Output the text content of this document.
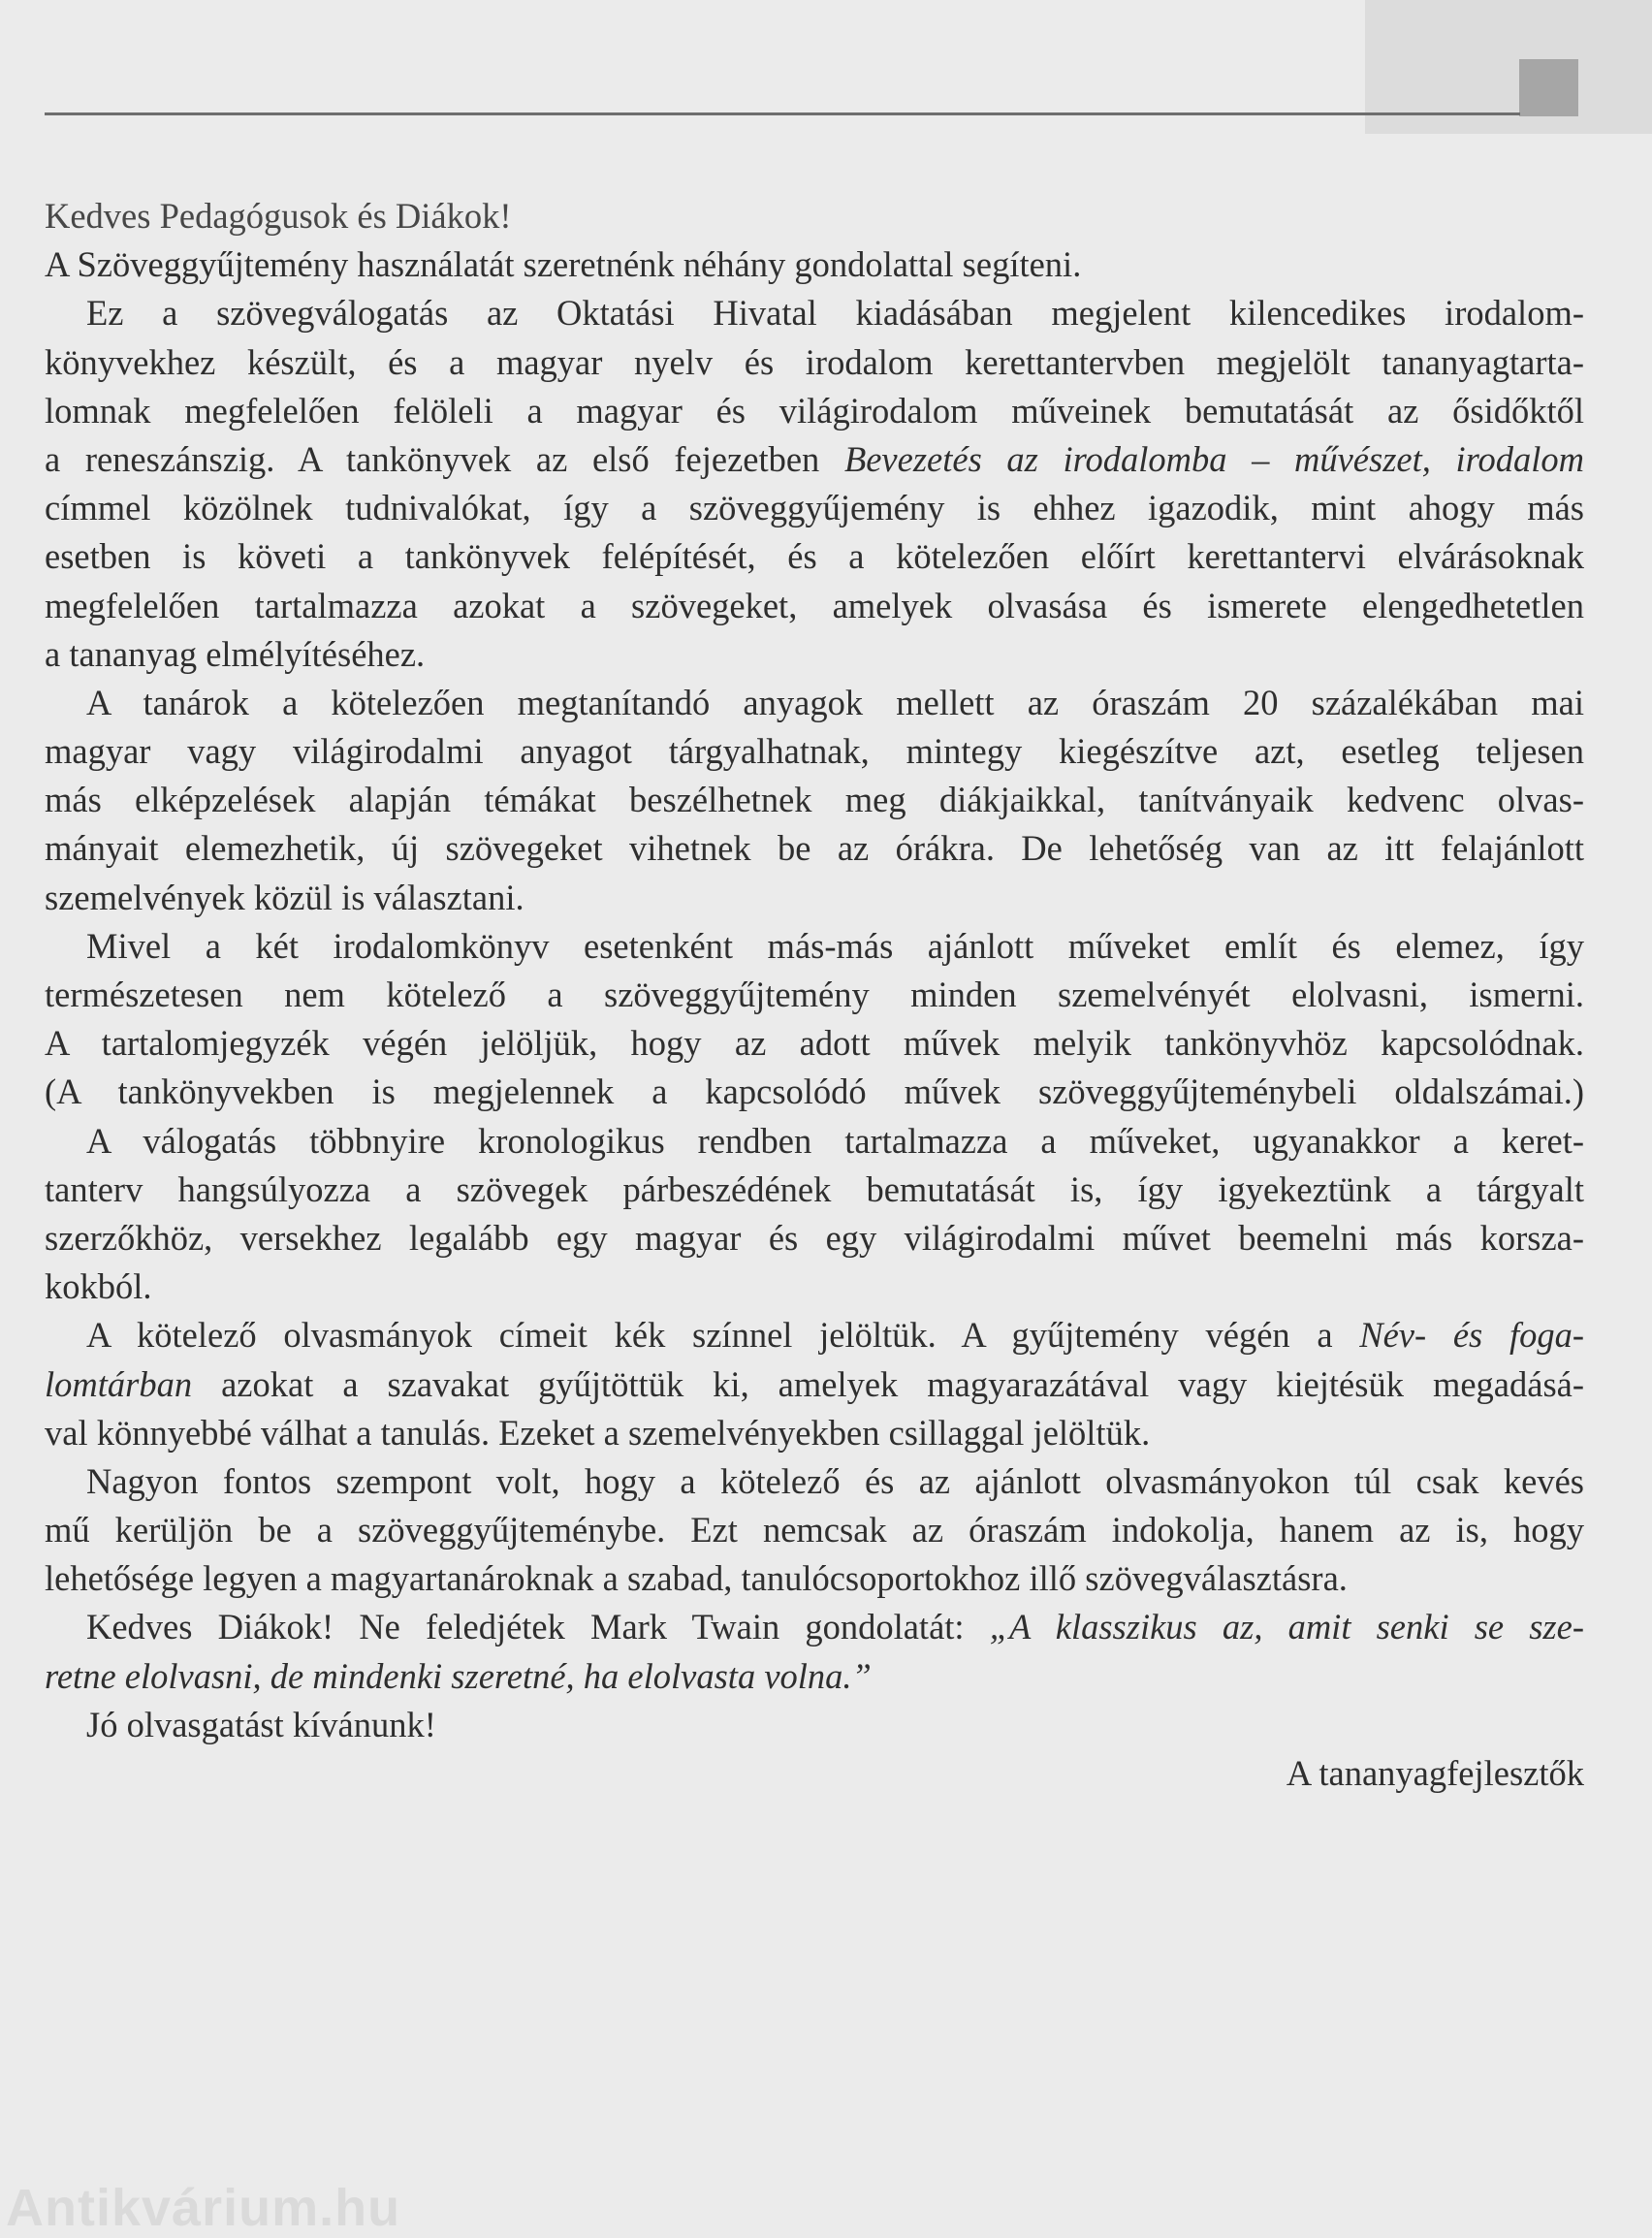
Kedves Pedagógusok és Diákok!
A Szöveggyűjtemény használatát szeretnénk néhány gondolattal segíteni.
Ez a szövegválogatás az Oktatási Hivatal kiadásában megjelent kilencedikes irodalom-
könyvekhez készült, és a magyar nyelv és irodalom kerettantervben megjelölt tananyagtarta-
lomnak megfelelően felöleli a magyar és világirodalom műveinek bemutatását az ősidőktől
a reneszánszig. A tankönyvek az első fejezetben Bevezetés az irodalomba – művészet, irodalom
címmel közölnek tudnivalókat, így a szöveggyűjemény is ehhez igazodik, mint ahogy más
esetben is követi a tankönyvek felépítését, és a kötelezően előírt kerettantervi elvárásoknak
megfelelően tartalmazza azokat a szövegeket, amelyek olvasása és ismerete elengedhetetlen
a tananyag elmélyítéséhez.
A tanárok a kötelezően megtanítandó anyagok mellett az óraszám 20 százalékában mai
magyar vagy világirodalmi anyagot tárgyalhatnak, mintegy kiegészítve azt, esetleg teljesen
más elképzelések alapján témákat beszélhetnek meg diákjaikkal, tanítványaik kedvenc olvas-
mányait elemezhetik, új szövegeket vihetnek be az órákra. De lehetőség van az itt felajánlott
szemelvények közül is választani.
Mivel a két irodalomkönyv esetenként más-más ajánlott műveket említ és elemez, így
természetesen nem kötelező a szöveggyűjtemény minden szemelvényét elolvasni, ismerni.
A tartalomjegyzék végén jelöljük, hogy az adott művek melyik tankönyvhöz kapcsolódnak.
(A tankönyvekben is megjelennek a kapcsolódó művek szöveggyűjteménybeli oldalszámai.)
A válogatás többnyire kronologikus rendben tartalmazza a műveket, ugyanakkor a keret-
tanterv hangsúlyozza a szövegek párbeszédének bemutatását is, így igyekeztünk a tárgyalt
szerzőkhöz, versekhez legalább egy magyar és egy világirodalmi művet beemelni más korsza-
kokból.
A kötelező olvasmányok címeit kék színnel jelöltük. A gyűjtemény végén a Név- és foga-
lomtárban azokat a szavakat gyűjtöttük ki, amelyek magyarazátával vagy kiejtésük megadásá-
val könnyebbé válhat a tanulás. Ezeket a szemelvényekben csillaggal jelöltük.
Nagyon fontos szempont volt, hogy a kötelező és az ajánlott olvasmányokon túl csak kevés
mű kerüljön be a szöveggyűjteménybe. Ezt nemcsak az óraszám indokolja, hanem az is, hogy
lehetősége legyen a magyartanároknak a szabad, tanulócsoportokhoz illő szövegválasztásra.
Kedves Diákok! Ne feledjétek Mark Twain gondolatát: „A klasszikus az, amit senki se sze-
retne elolvasni, de mindenki szeretné, ha elolvasta volna.”
Jó olvasgatást kívánunk!
A tananyagfejlesztők
Antikvárium.hu
